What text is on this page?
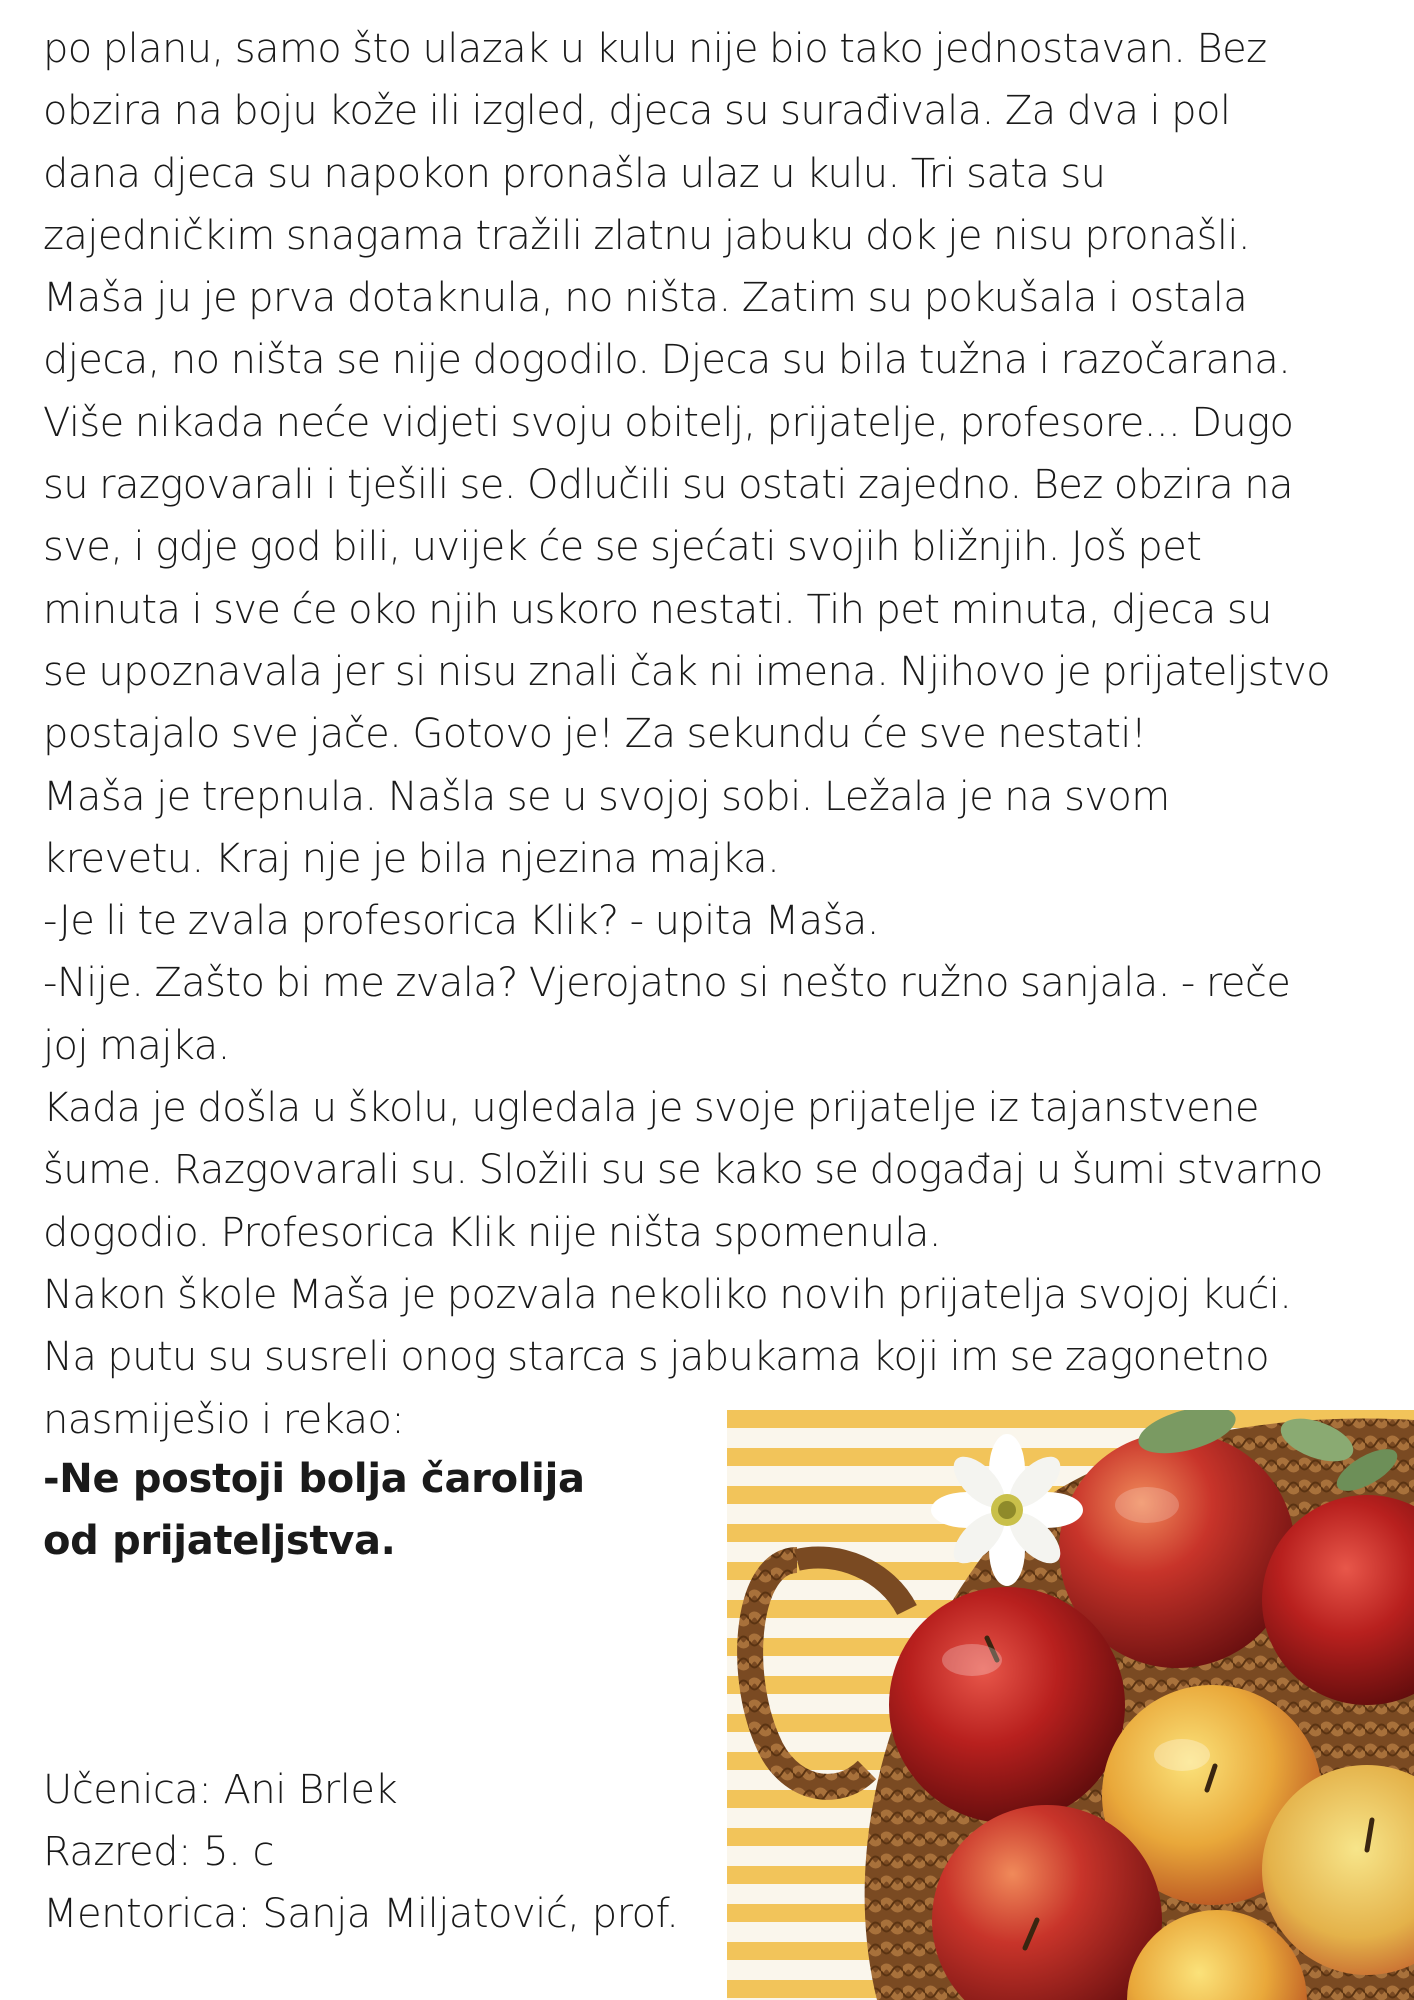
po planu, samo što ulazak u kulu nije bio tako jednostavan. Bez

obzira na boju kože ili izgled, djeca su surađivala. Za dva i pol

dana djeca su napokon pronašla ulaz u kulu. Tri sata su

zajedničkim snagama tražili zlatnu jabuku dok je nisu pronašli.

Maša ju je prva dotaknula, no ništa. Zatim su pokušala i ostala

djeca, no ništa se nije dogodilo. Djeca su bila tužna i razočarana.

Više nikada neće vidjeti svoju obitelj, prijatelje, profesore... Dugo

su razgovarali i tješili se. Odlučili su ostati zajedno. Bez obzira na

sve, i gdje god bili, uvijek će se sjećati svojih bližnjih. Još pet

minuta i sve će oko njih uskoro nestati. Tih pet minuta, djeca su

se upoznavala jer si nisu znali čak ni imena. Njihovo je prijateljstvo

postajalo sve jače. Gotovo je! Za sekundu će sve nestati!

Maša je trepnula. Našla se u svojoj sobi. Ležala je na svom

krevetu. Kraj nje je bila njezina majka.

-Je li te zvala profesorica Klik? - upita Maša.

-Nije. Zašto bi me zvala? Vjerojatno si nešto ružno sanjala. - reče

joj majka.

Kada je došla u školu, ugledala je svoje prijatelje iz tajanstvene

šume. Razgovarali su. Složili su se kako se događaj u šumi stvarno

dogodio. Profesorica Klik nije ništa spomenula.

Nakon škole Maša je pozvala nekoliko novih prijatelja svojoj kući.

Na putu su susreli onog starca s jabukama koji im se zagonetno

nasmiješio i rekao:

-Ne postoji bolja čarolija
od prijateljstva.
Učenica: Ani Brlek
Razred: 5. c
Mentorica: Sanja Miljatović, prof.
